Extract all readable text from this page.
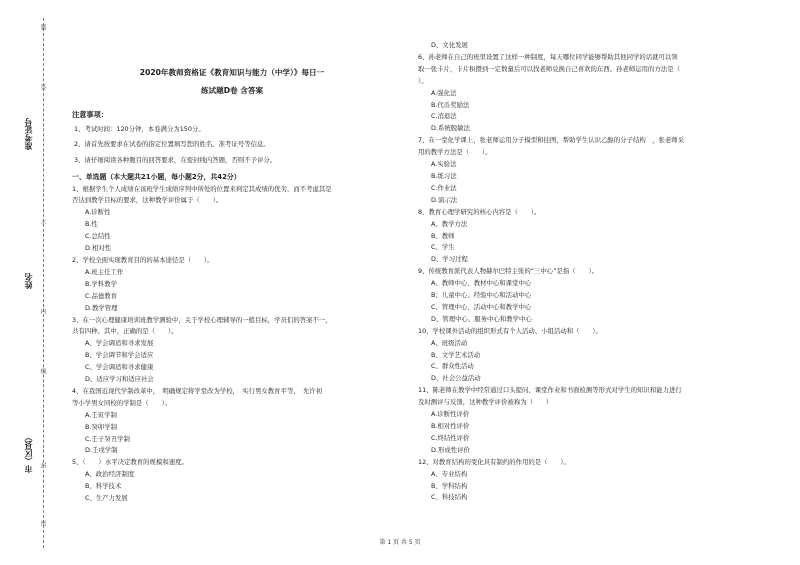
准考证号
姓名
市（区县）
题
答
不
内
线
封
密
2020年教师资格证《教育知识与能力（中学）》每日一
练试题D卷 含答案
注意事项：
1、考试时间：120分钟，本卷满分为150分。
2、请首先按要求在试卷的指定位置填写您的姓名、准考证号等信息。
3、请仔细阅读各种题目的回答要求，在密封线内答题，否则不予评分。
一、单选题（本大题共21小题，每小题2分，共42分）
1、根据学生个人成绩在该班学生成绩序列中所处的位置来判定其成绩的优劣，而不考虑其是
否达到教学目标的要求，这种教学评价属于（　　）。
A.诊断性
B.性
C.总结性
D.相对性
2、学校全面实现教育目的的基本途径是（　　）。
A.班主任工作
B.学科教学
C.品德教育
D.教学管理
3、在一次心理健康培训班教学测验中，关于学校心理辅导的一般目标，学员们的答案不一，
共有四种。其中，正确的是（　　）。
A、学会调适和寻求发展
B、学会调节和学会适应
C、学会调适和寻求健康
D、适应学习和适应社会
4、在我国近现代学制改革中，　明确规定将学堂改为学校，　实行男女教育平等，　允许初
等小学男女同校的学制是（　　）。
A.壬寅学制
B.癸卯学制
C.壬子癸丑学制
D.壬戌学制
5、（　　）水平决定教育的规模和速度。
A、政治经济制度
B、科学技术
C、生产力发展
D、文化发展
6、孙老师在自己的班里设置了这样一种制度，每天哪位同学能够帮助其他同学的话就可以领
取一张卡片，卡片积攒到一定数量后可以找老师兑换自己喜欢的东西。孙老师运用的方法是（
）。
A.强化法
B.代币奖励法
C.消退法
D.系统脱敏法
7、在一堂化学课上，张老师运用分子模型和挂图，帮助学生认识乙醇的分子结构　，张老师采
用的教学方法是（　　）。
A.实验法
B.练习法
C.作业法
D.演示法
8、教育心理学研究的核心内容是（　　）。
A、教学方法
B、教师
C、学生
D、学习过程
9、传统教育派代表人物赫尔巴特主张的“三中心”是指（　　）。
A、教师中心、教材中心和课堂中心
B、儿童中心、经验中心和活动中心
C、管理中心、活动中心和教学中心
D、管理中心、服务中心和教学中心
10、学校课外活动的组织形式有个人活动、小组活动和（　　）。
A、班级活动
B、文学艺术活动
C、群众性活动
D、社会公益活动
11、陈老师在教学中经常通过口头提问、课堂作业和书面检测等形式对学生的知识和能力进行
及时测评与反馈，这种教学评价被称为（　　）
A.诊断性评价
B.相对性评价
C.终结性评价
D.形成性评价
12、对教育结构的变化具有制约的作用的是（　　）。
A、专业结构
B、学科结构
C、科技结构
第 1 页 共 5 页
